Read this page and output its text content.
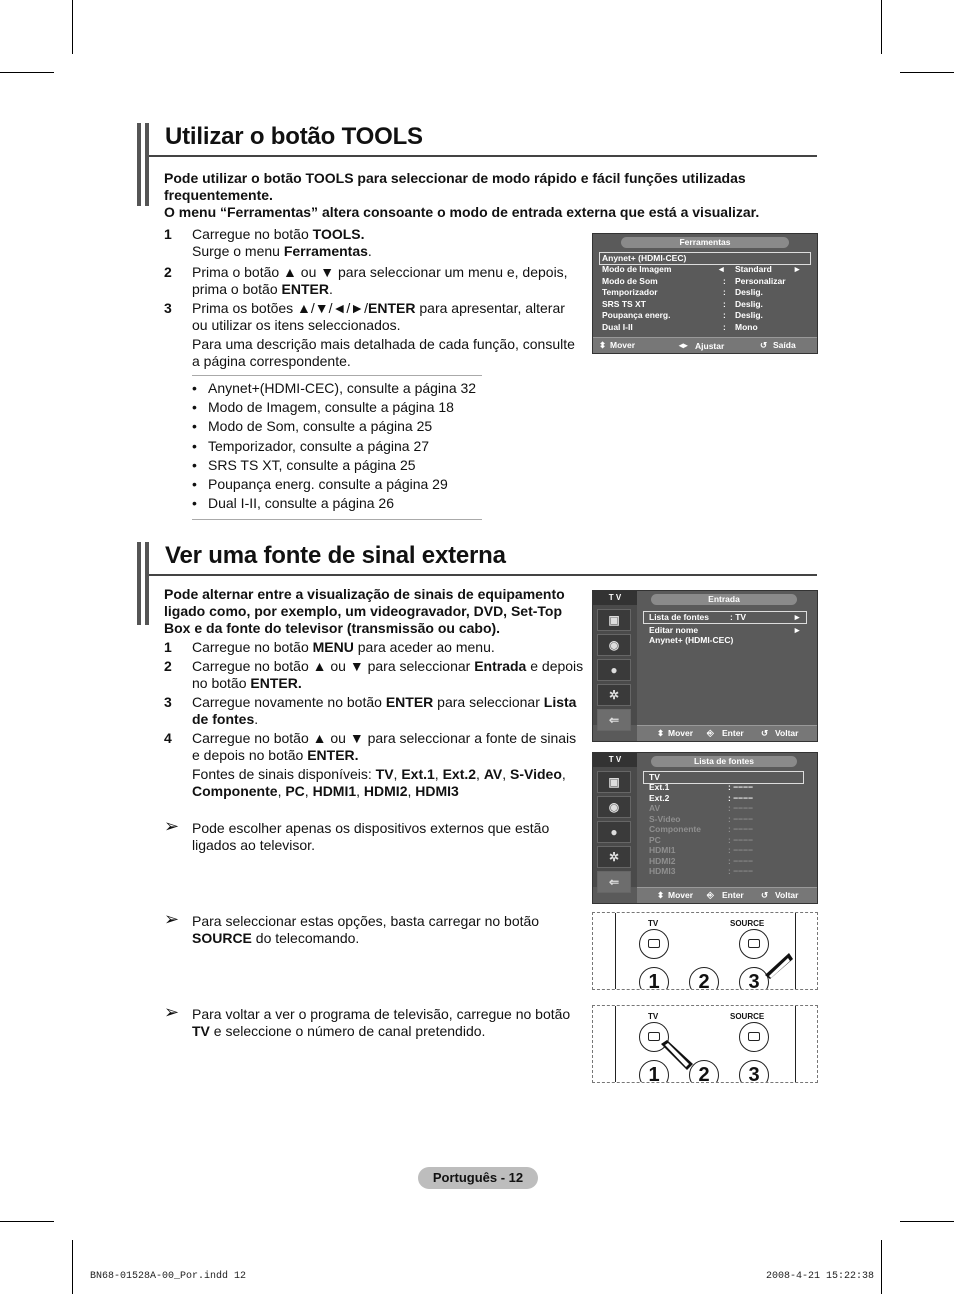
Utilizar o botão TOOLS
Pode utilizar o botão TOOLS para seleccionar de modo rápido e fácil funções utilizadas frequentemente.
O menu “Ferramentas” altera consoante o modo de entrada externa que está a visualizar.
1 Carregue no botão TOOLS.
Surge o menu Ferramentas.
2 Prima o botão ▲ ou ▼ para seleccionar um menu e, depois, prima o botão ENTER.
3 Prima os botões ▲/▼/◄/►/ENTER para apresentar, alterar ou utilizar os itens seleccionados.
Para uma descrição mais detalhada de cada função, consulte a página correspondente.
• Anynet+(HDMI-CEC), consulte a página 32
• Modo de Imagem, consulte a página 18
• Modo de Som, consulte a página 25
• Temporizador, consulte a página 27
• SRS TS XT, consulte a página 25
• Poupança energ. consulte a página 29
• Dual I-II, consulte a página 26
Ferramentas
Anynet+ (HDMI-CEC)
Modo de Imagem	◄ Standard ►
Modo de Som	: Personalizar
Temporizador	: Deslig.
SRS TS XT	: Deslig.
Poupança energ.	: Deslig.
Dual I-II	: Mono
⬍ Mover	◂▸ Ajustar	↺ Saída
Ver uma fonte de sinal externa
Pode alternar entre a visualização de sinais de equipamento ligado como, por exemplo, um videogravador, DVD, Set-Top Box e da fonte do televisor (transmissão ou cabo).
1 Carregue no botão MENU para aceder ao menu.
2 Carregue no botão ▲ ou ▼ para seleccionar Entrada e depois no botão ENTER.
3 Carregue novamente no botão ENTER para seleccionar Lista de fontes.
4 Carregue no botão ▲ ou ▼ para seleccionar a fonte de sinais e depois no botão ENTER.
Fontes de sinais disponíveis: TV, Ext.1, Ext.2, AV, S-Video, Componente, PC, HDMI1, HDMI2, HDMI3
➢ Pode escolher apenas os dispositivos externos que estão ligados ao televisor.
➢ Para seleccionar estas opções, basta carregar no botão SOURCE do telecomando.
➢ Para voltar a ver o programa de televisão, carregue no botão TV e seleccione o número de canal pretendido.
T V
▣
◉
●
✲
⇐
Entrada
Lista de fontes : TV	►
Editar nome	►
Anynet+ (HDMI-CEC)
⬍ Mover ⎆ Enter ↺ Voltar
T V
▣
◉
●
✲
⇐
Lista de fontes
TV
Ext.1	: −−−−
Ext.2	: −−−−
AV	: −−−−
S-Video	: −−−−
Componente	: −−−−
PC	: −−−−
HDMI1	: −−−−
HDMI2	: −−−−
HDMI3	: −−−−
⬍ Mover ⎆ Enter ↺ Voltar
TV	SOURCE
1	2	3
TV	SOURCE
1	2	3
Português - 12
BN68-01528A-00_Por.indd 12	2008-4-21 15:22:38
